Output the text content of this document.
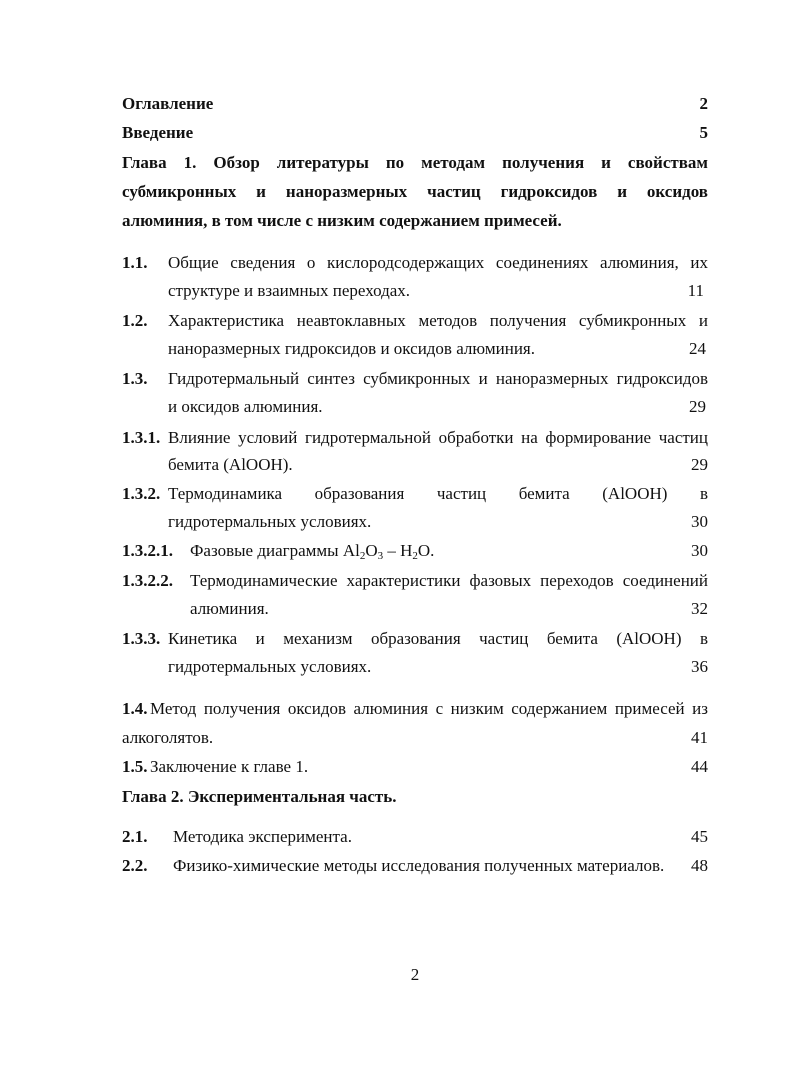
Оглавление	2
Введение	5
Глава 1. Обзор литературы по методам получения и свойствам
субмикронных и наноразмерных частиц гидроксидов и оксидов
алюминия, в том числе с низким содержанием примесей.
1.1. Общие сведения о кислородсодержащих соединениях алюминия, их
структуре и взаимных переходах.	11
1.2. Характеристика неавтоклавных методов получения субмикронных и
наноразмерных гидроксидов и оксидов алюминия.	24
1.3. Гидротермальный синтез субмикронных и наноразмерных гидроксидов
и оксидов алюминия.	29
1.3.1. Влияние условий гидротермальной обработки на формирование частиц
бемита (AlOOH).	29
1.3.2. Термодинамика образования частиц бемита (AlOOH) в
гидротермальных условиях.	30
1.3.2.1. Фазовые диаграммы $Al_2O_3 - H_2O$.	30
1.3.2.2. Термодинамические характеристики фазовых переходов соединений
алюминия.	32
1.3.3. Кинетика и механизм образования частиц бемита (AlOOH) в
гидротермальных условиях.	36
1.4. Метод получения оксидов алюминия с низким содержанием примесей из
алкоголятов.	41
1.5. Заключение к главе 1.	44
Глава 2. Экспериментальная часть.
2.1. Методика эксперимента.	45
2.2. Физико-химические методы исследования полученных материалов. 48
2
